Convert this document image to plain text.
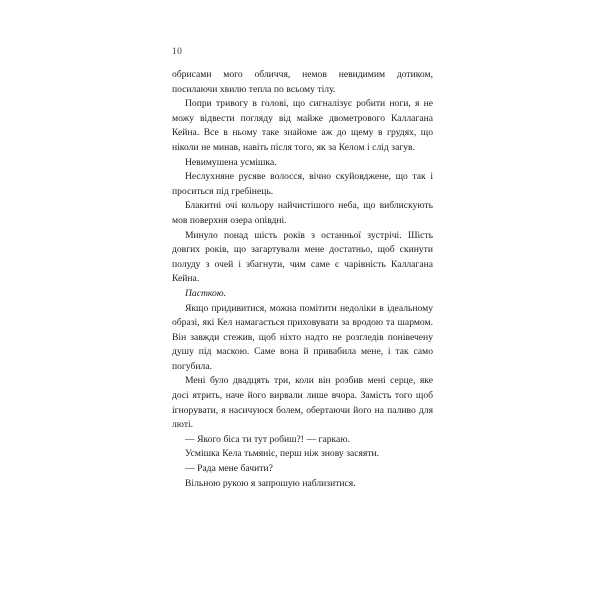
10

обрисами мого обличчя, немов невидимим дотиком, посилаючи хвилю тепла по всьому тілу.

Попри тривогу в голові, що сигналізує робити ноги, я не можу відвести погляду від майже двометрового Каллагана Кейна. Все в ньому таке знайоме аж до щему в грудях, що ніколи не минав, навіть після того, як за Келом і слід загув.

Невимушена усмішка.

Неслухняне русяве волосся, вічно скуйовджене, що так і проситься під гребінець.

Блакитні очі кольору найчистішого неба, що виблискують мов поверхня озера опівдні.

Минуло понад шість років з останньої зустрічі. Шість довгих років, що загартували мене достатньо, щоб скинути полуду з очей і збагнути, чим саме є чарівність Каллагана Кейна.

Пасткою.

Якщо придивитися, можна помітити недоліки в ідеальному образі, які Кел намагається приховувати за вродою та шармом. Він завжди стежив, щоб ніхто надто не розгледів понівечену душу під маскою. Саме вона й привабила мене, і так само погубила.

Мені було двадцять три, коли він розбив мені серце, яке досі ятрить, наче його вирвали лише вчора. Замість того щоб ігнорувати, я насичуюся болем, обертаючи його на паливо для люті.

— Якого біса ти тут робиш?! — гаркаю.

Усмішка Кела тьмяніє, перш ніж знову засяяти.

— Рада мене бачити?

Вільною рукою я запрошую наблизитися.
